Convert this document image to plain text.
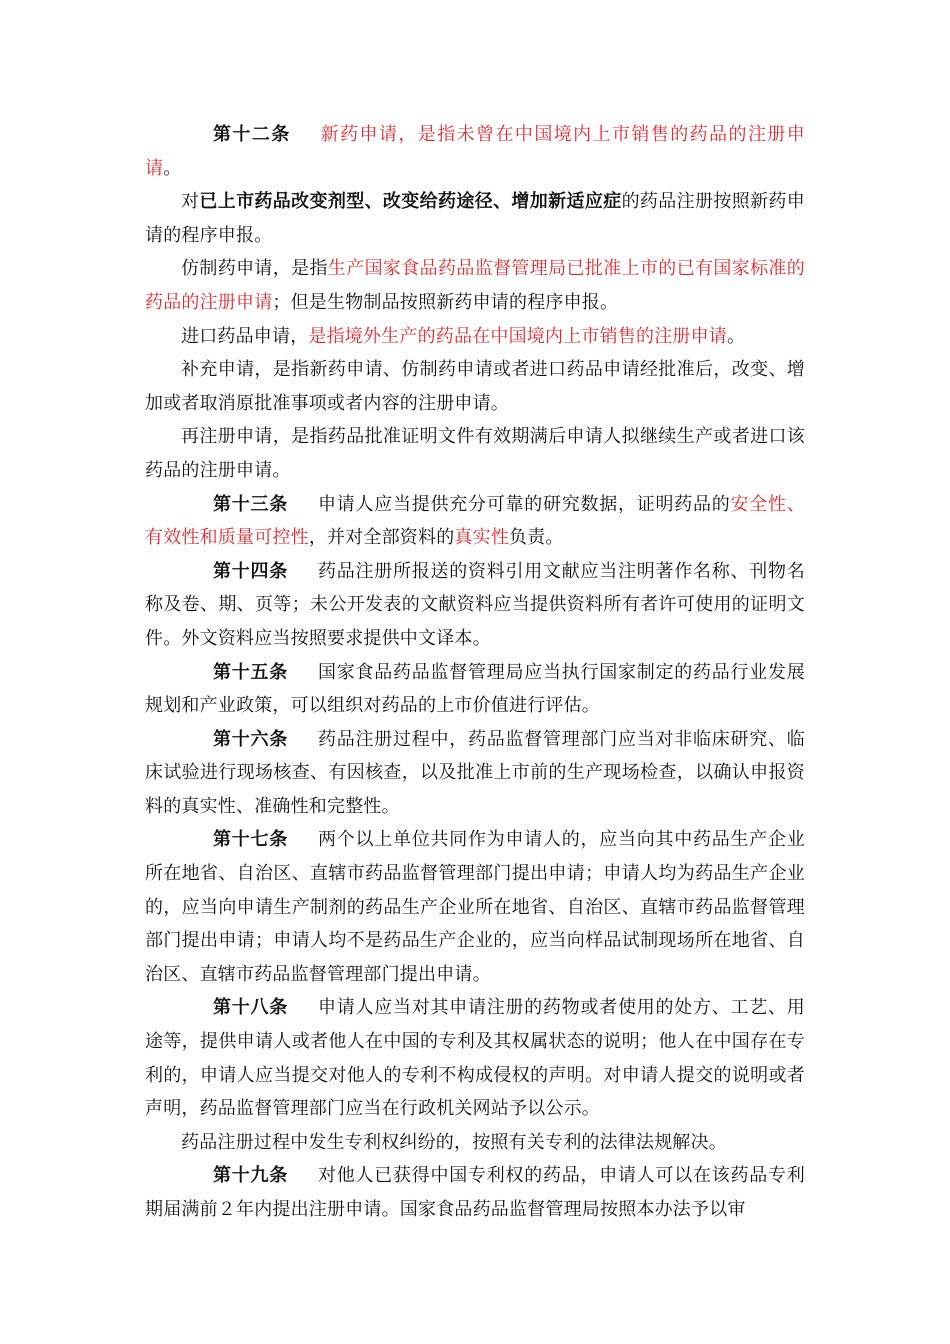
第十二条 新药申请，是指未曾在中国境内上市销售的药品的注册申请。

对已上市药品改变剂型、改变给药途径、增加新适应症的药品注册按照新药申请的程序申报。

仿制药申请，是指生产国家食品药品监督管理局已批准上市的已有国家标准的药品的注册申请；但是生物制品按照新药申请的程序申报。

进口药品申请，是指境外生产的药品在中国境内上市销售的注册申请。

补充申请，是指新药申请、仿制药申请或者进口药品申请经批准后，改变、增加或者取消原批准事项或者内容的注册申请。

再注册申请，是指药品批准证明文件有效期满后申请人拟继续生产或者进口该药品的注册申请。

第十三条 申请人应当提供充分可靠的研究数据，证明药品的安全性、有效性和质量可控性，并对全部资料的真实性负责。

第十四条 药品注册所报送的资料引用文献应当注明著作名称、刊物名称及卷、期、页等；未公开发表的文献资料应当提供资料所有者许可使用的证明文件。外文资料应当按照要求提供中文译本。

第十五条 国家食品药品监督管理局应当执行国家制定的药品行业发展规划和产业政策，可以组织对药品的上市价值进行评估。

第十六条 药品注册过程中，药品监督管理部门应当对非临床研究、临床试验进行现场核查、有因核查，以及批准上市前的生产现场检查，以确认申报资料的真实性、准确性和完整性。

第十七条 两个以上单位共同作为申请人的，应当向其中药品生产企业所在地省、自治区、直辖市药品监督管理部门提出申请；申请人均为药品生产企业的，应当向申请生产制剂的药品生产企业所在地省、自治区、直辖市药品监督管理部门提出申请；申请人均不是药品生产企业的，应当向样品试制现场所在地省、自治区、直辖市药品监督管理部门提出申请。

第十八条 申请人应当对其申请注册的药物或者使用的处方、工艺、用途等，提供申请人或者他人在中国的专利及其权属状态的说明；他人在中国存在专利的，申请人应当提交对他人的专利不构成侵权的声明。对申请人提交的说明或者声明，药品监督管理部门应当在行政机关网站予以公示。

药品注册过程中发生专利权纠纷的，按照有关专利的法律法规解决。

第十九条 对他人已获得中国专利权的药品，申请人可以在该药品专利期届满前２年内提出注册申请。国家食品药品监督管理局按照本办法予以审
